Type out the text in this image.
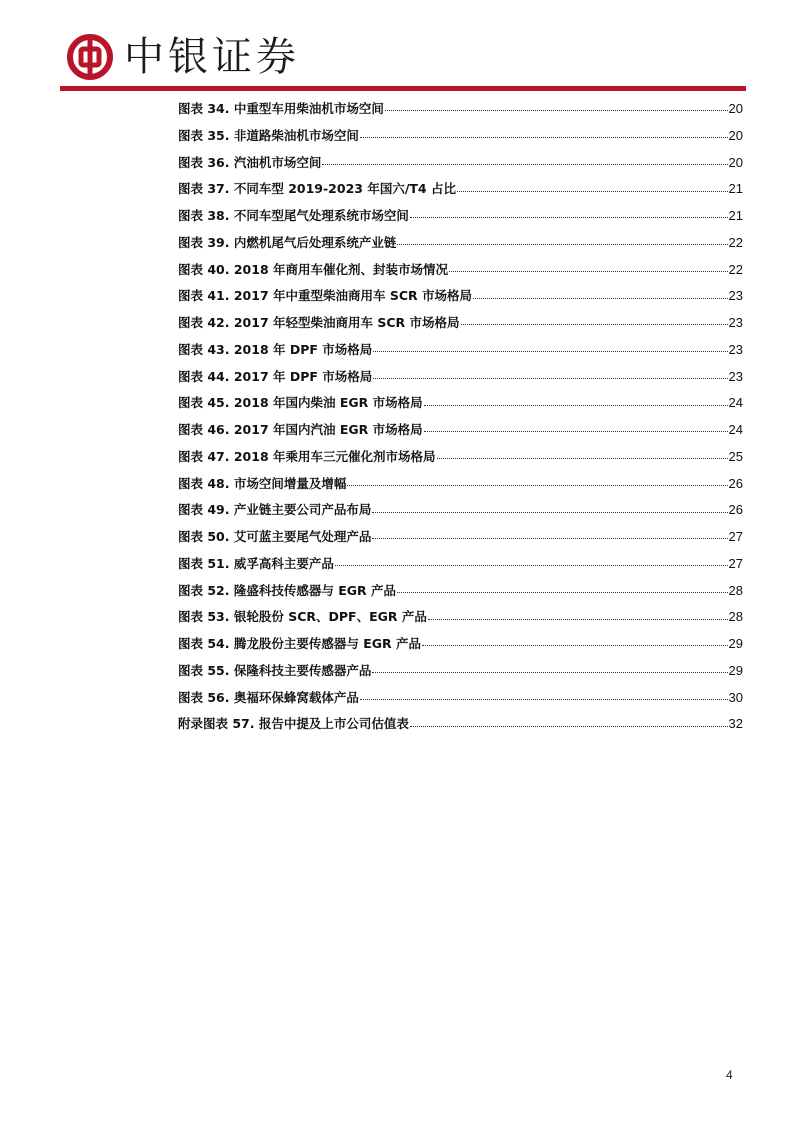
中银证券
图表 34. 中重型车用柴油机市场空间	20
图表 35. 非道路柴油机市场空间	20
图表 36. 汽油机市场空间	20
图表 37. 不同车型 2019-2023 年国六/T4 占比	21
图表 38. 不同车型尾气处理系统市场空间	21
图表 39. 内燃机尾气后处理系统产业链	22
图表 40. 2018 年商用车催化剂、封装市场情况	22
图表 41. 2017 年中重型柴油商用车 SCR 市场格局	23
图表 42. 2017 年轻型柴油商用车 SCR 市场格局	23
图表 43. 2018 年 DPF 市场格局	23
图表 44. 2017 年 DPF 市场格局	23
图表 45. 2018 年国内柴油 EGR 市场格局	24
图表 46. 2017 年国内汽油 EGR 市场格局	24
图表 47. 2018 年乘用车三元催化剂市场格局	25
图表 48. 市场空间增量及增幅	26
图表 49. 产业链主要公司产品布局	26
图表 50. 艾可蓝主要尾气处理产品	27
图表 51. 威孚高科主要产品	27
图表 52. 隆盛科技传感器与 EGR 产品	28
图表 53. 银轮股份 SCR、DPF、EGR 产品	28
图表 54. 腾龙股份主要传感器与 EGR 产品	29
图表 55. 保隆科技主要传感器产品	29
图表 56. 奥福环保蜂窝载体产品	30
附录图表 57. 报告中提及上市公司估值表	32
4
